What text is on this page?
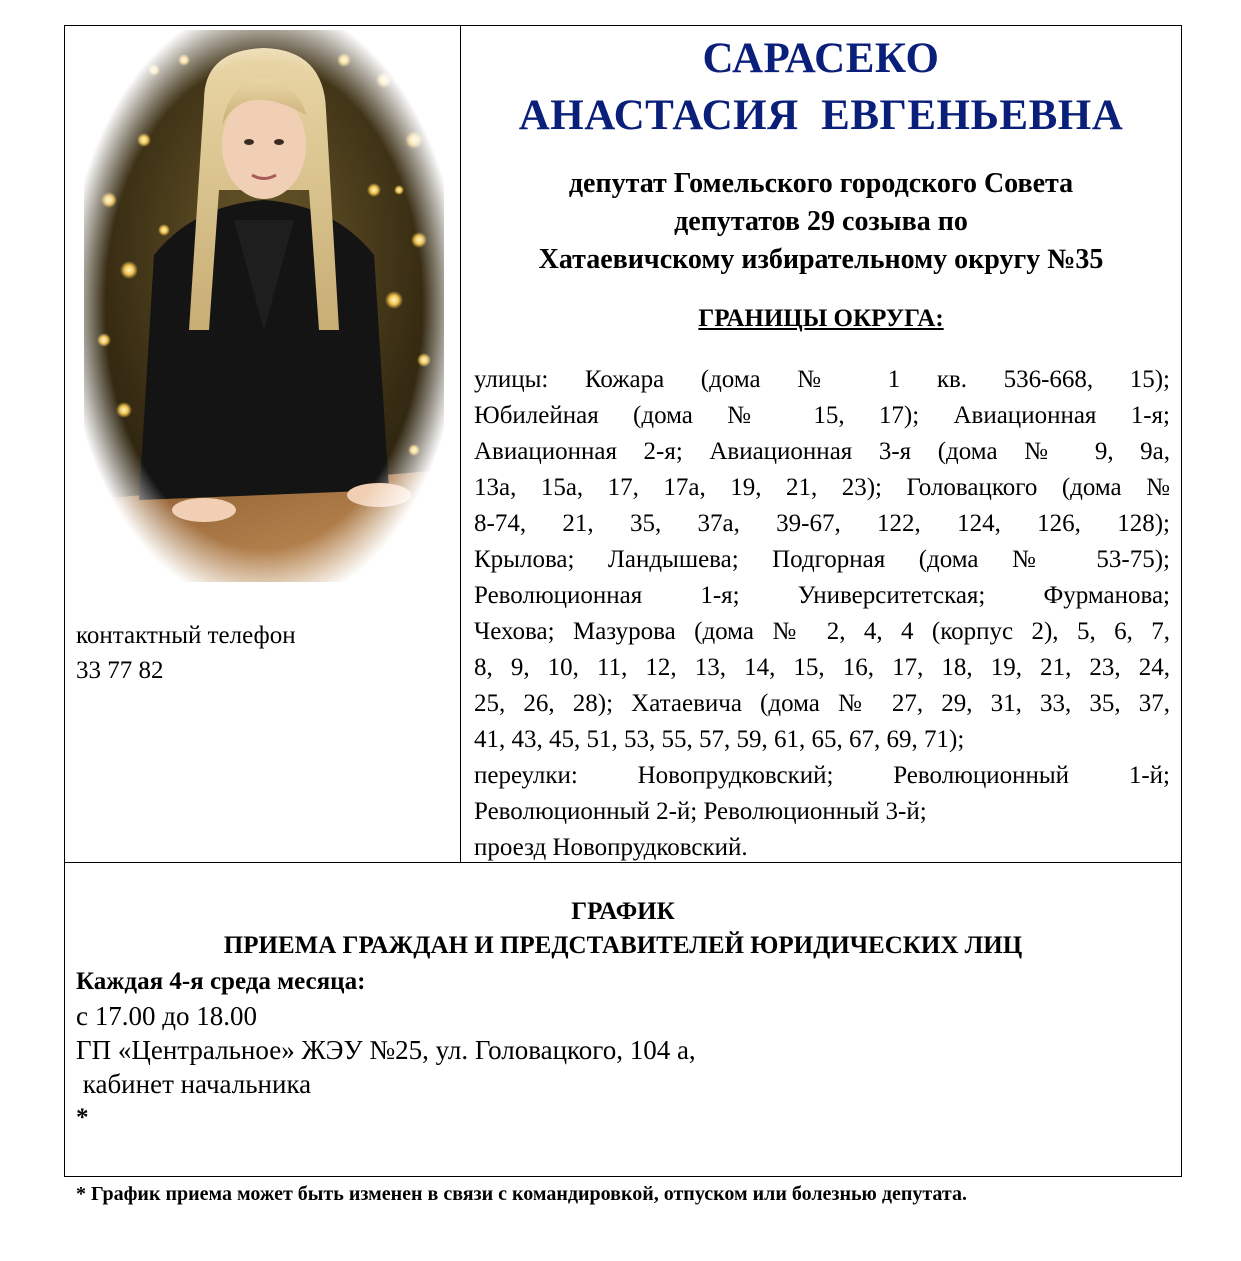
контактный телефон
33 77 82
САРАСЕКО
АНАСТАСИЯ  ЕВГЕНЬЕВНА
депутат Гомельского городского Совета
депутатов 29 созыва по
Хатаевичскому избирательному округу №35
ГРАНИЦЫ ОКРУГА:
улицы: Кожара (дома № 1 кв. 536-668, 15);
Юбилейная (дома № 15, 17); Авиационная 1-я;
Авиационная 2-я; Авиационная 3-я (дома № 9, 9а,
13а, 15а, 17, 17а, 19, 21, 23); Головацкого (дома №
8-74, 21, 35, 37а, 39-67, 122, 124, 126, 128);
Крылова; Ландышева; Подгорная (дома № 53-75);
Революционная 1-я; Университетская; Фурманова;
Чехова; Мазурова (дома № 2, 4, 4 (корпус 2), 5, 6, 7,
8, 9, 10, 11, 12, 13, 14, 15, 16, 17, 18, 19, 21, 23, 24,
25, 26, 28); Хатаевича (дома № 27, 29, 31, 33, 35, 37,
41, 43, 45, 51, 53, 55, 57, 59, 61, 65, 67, 69, 71);
переулки: Новопрудковский; Революционный 1-й;
Революционный 2-й; Революционный 3-й;
проезд Новопрудковский.
ГРАФИК
ПРИЕМА ГРАЖДАН И ПРЕДСТАВИТЕЛЕЙ ЮРИДИЧЕСКИХ ЛИЦ
Каждая 4-я среда месяца:
с 17.00 до 18.00
ГП «Центральное» ЖЭУ №25, ул. Головацкого, 104 а,
кабинет начальника
*
* График приема может быть изменен в связи с командировкой, отпуском или болезнью депутата.
